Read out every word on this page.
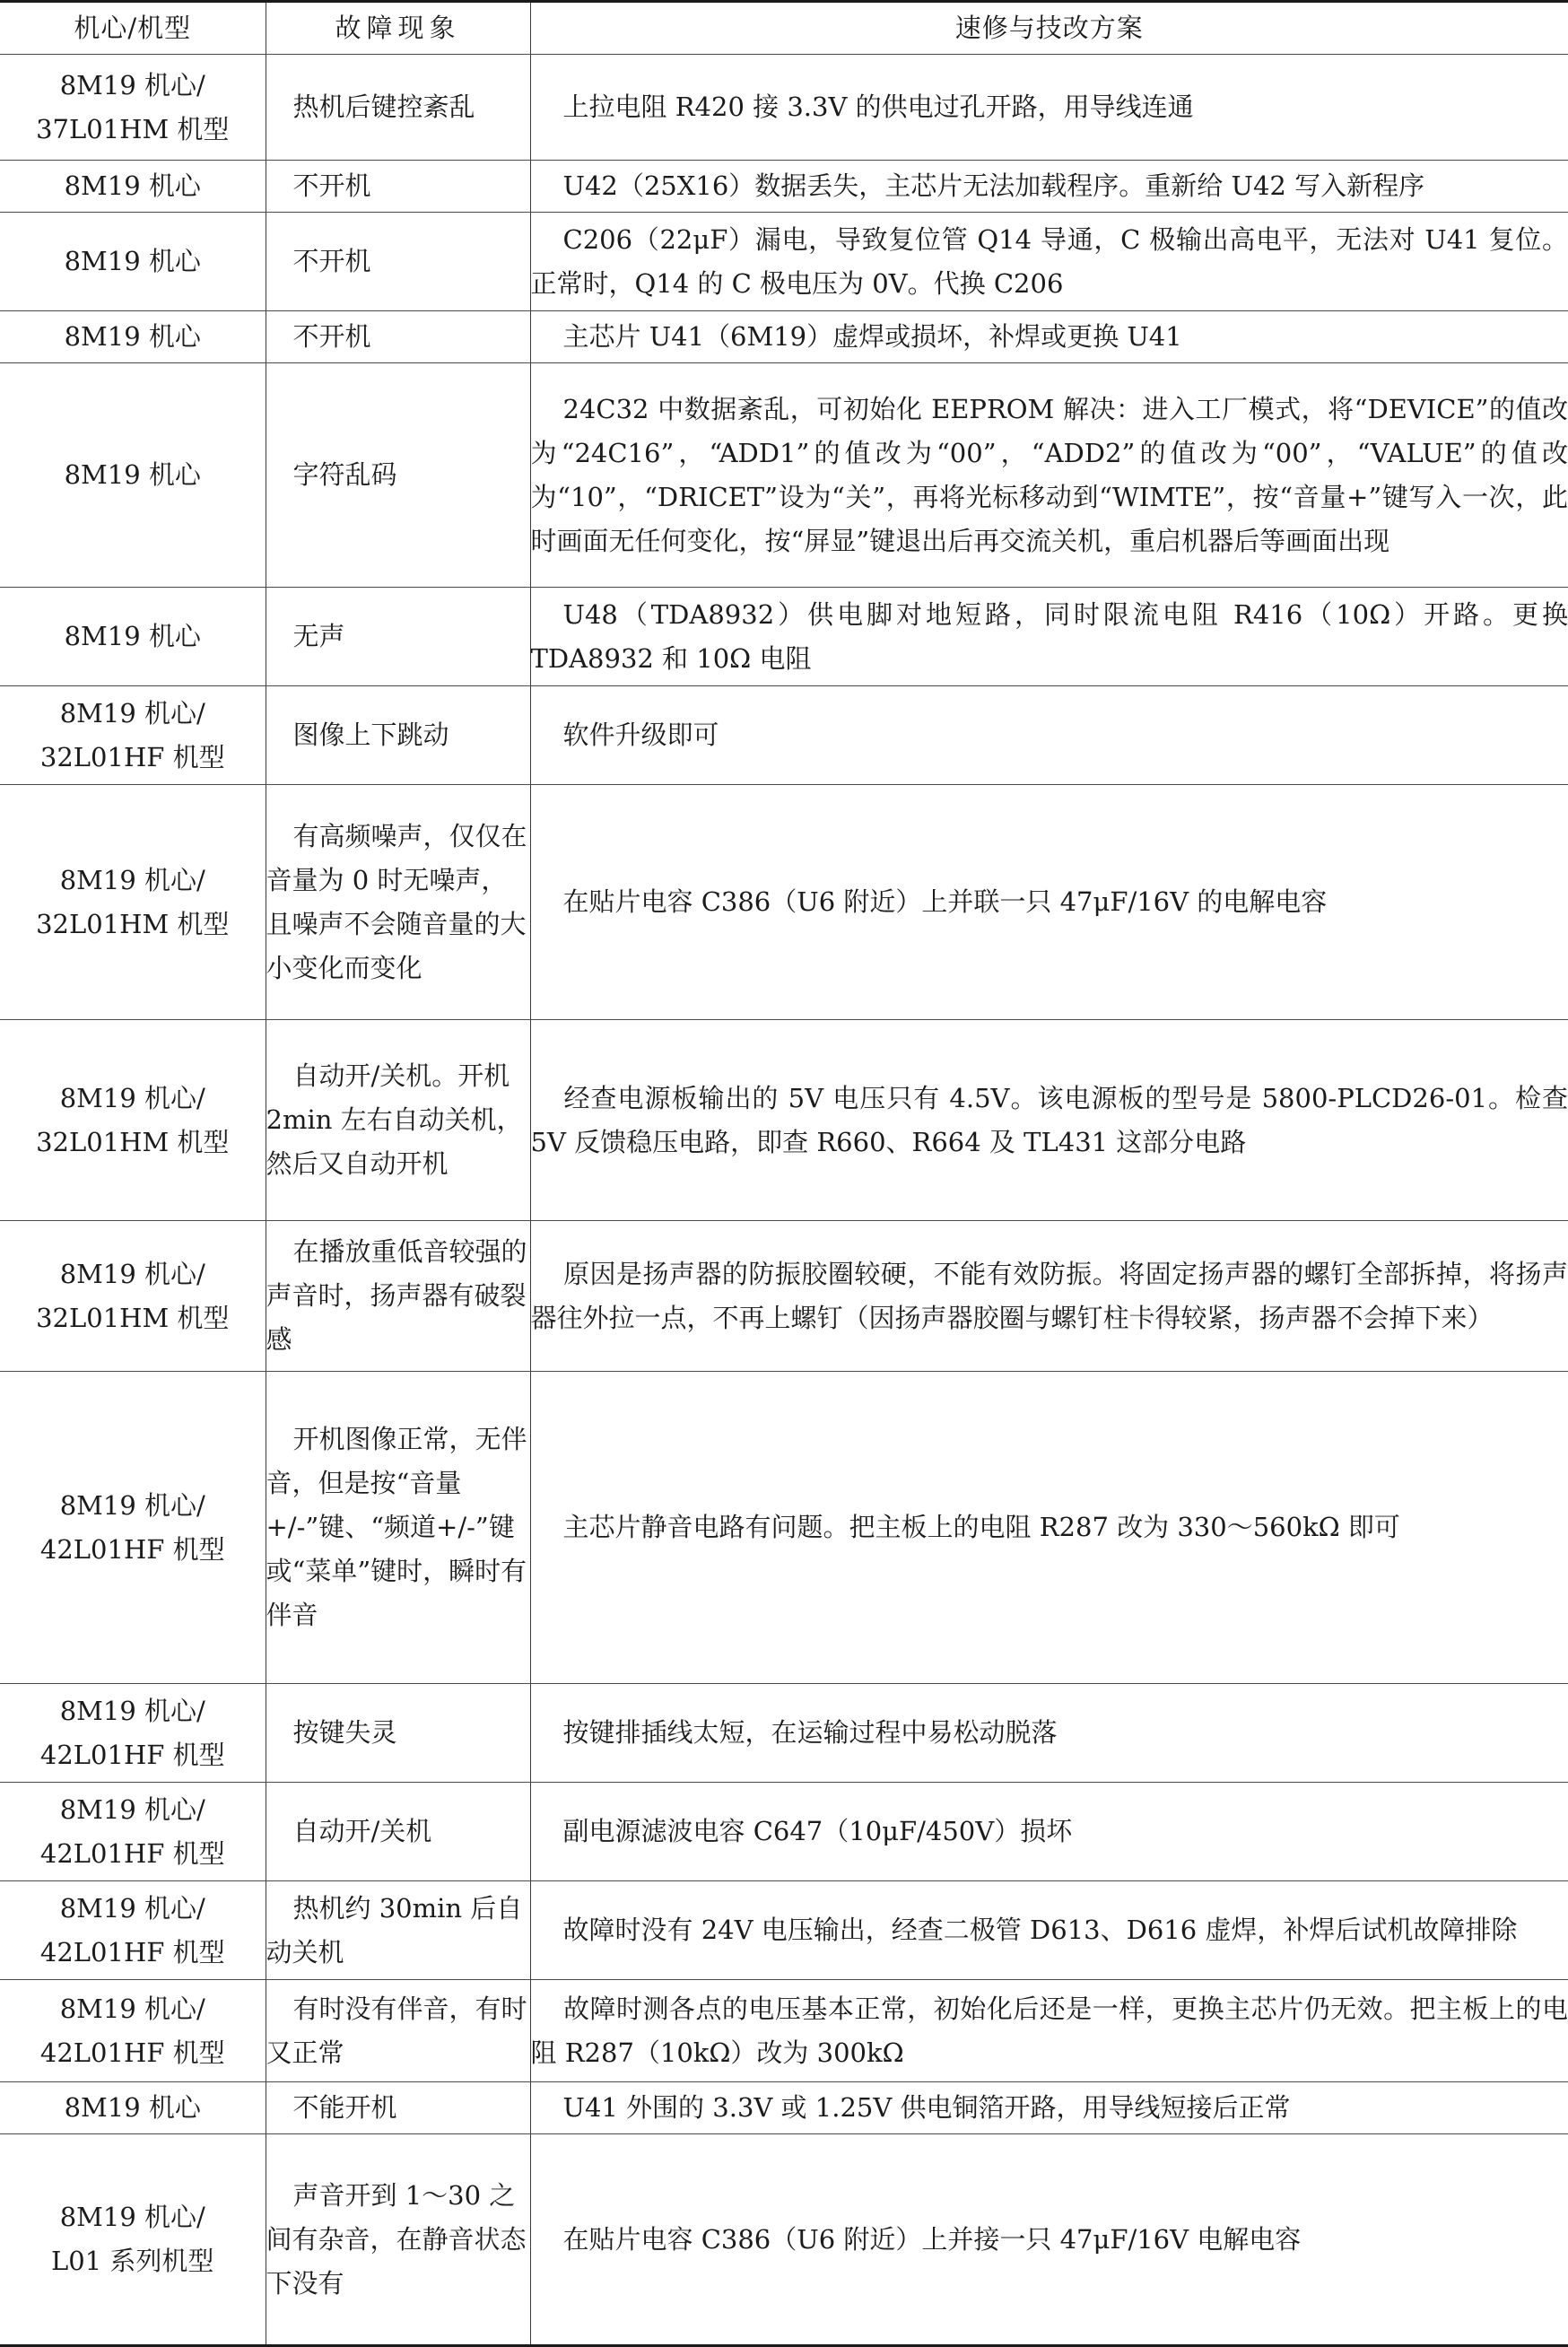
机心/机型	故障现象	速修与技改方案

8M19 机心/
37L01HM 机型	热机后键控紊乱	上拉电阻 R420 接 3.3V 的供电过孔开路，用导线连通

8M19 机心	不开机	U42（25X16）数据丢失，主芯片无法加载程序。重新给 U42 写入新程序

8M19 机心	不开机	C206（22μF）漏电，导致复位管 Q14 导通，C 极输出高电平，无法对 U41 复位。正常时，Q14 的 C 极电压为 0V。代换 C206

8M19 机心	不开机	主芯片 U41（6M19）虚焊或损坏，补焊或更换 U41

8M19 机心	字符乱码	24C32 中数据紊乱，可初始化 EEPROM 解决：进入工厂模式，将“DEVICE”的值改为“24C16”，“ADD1”的值改为“00”，“ADD2”的值改为“00”，“VALUE”的值改为“10”，“DRICET”设为“关”，再将光标移动到“WIMTE”，按“音量+”键写入一次，此时画面无任何变化，按“屏显”键退出后再交流关机，重启机器后等画面出现

8M19 机心	无声	U48（TDA8932）供电脚对地短路，同时限流电阻 R416（10Ω）开路。更换 TDA8932 和 10Ω 电阻

8M19 机心/
32L01HF 机型	图像上下跳动	软件升级即可

8M19 机心/
32L01HM 机型	有高频噪声，仅仅在音量为 0 时无噪声，且噪声不会随音量的大小变化而变化	在贴片电容 C386（U6 附近）上并联一只 47μF/16V 的电解电容

8M19 机心/
32L01HM 机型	自动开/关机。开机 2min 左右自动关机，然后又自动开机	经查电源板输出的 5V 电压只有 4.5V。该电源板的型号是 5800-PLCD26-01。检查 5V 反馈稳压电路，即查 R660、R664 及 TL431 这部分电路

8M19 机心/
32L01HM 机型	在播放重低音较强的声音时，扬声器有破裂感	原因是扬声器的防振胶圈较硬，不能有效防振。将固定扬声器的螺钉全部拆掉，将扬声器往外拉一点，不再上螺钉（因扬声器胶圈与螺钉柱卡得较紧，扬声器不会掉下来）

8M19 机心/
42L01HF 机型	开机图像正常，无伴音，但是按“音量+/-”键、“频道+/-”键或“菜单”键时，瞬时有伴音	主芯片静音电路有问题。把主板上的电阻 R287 改为 330～560kΩ 即可

8M19 机心/
42L01HF 机型	按键失灵	按键排插线太短，在运输过程中易松动脱落

8M19 机心/
42L01HF 机型	自动开/关机	副电源滤波电容 C647（10μF/450V）损坏

8M19 机心/
42L01HF 机型	热机约 30min 后自动关机	故障时没有 24V 电压输出，经查二极管 D613、D616 虚焊，补焊后试机故障排除

8M19 机心/
42L01HF 机型	有时没有伴音，有时又正常	故障时测各点的电压基本正常，初始化后还是一样，更换主芯片仍无效。把主板上的电阻 R287（10kΩ）改为 300kΩ

8M19 机心	不能开机	U41 外围的 3.3V 或 1.25V 供电铜箔开路，用导线短接后正常

8M19 机心/
L01 系列机型	声音开到 1～30 之间有杂音，在静音状态下没有	在贴片电容 C386（U6 附近）上并接一只 47μF/16V 电解电容
